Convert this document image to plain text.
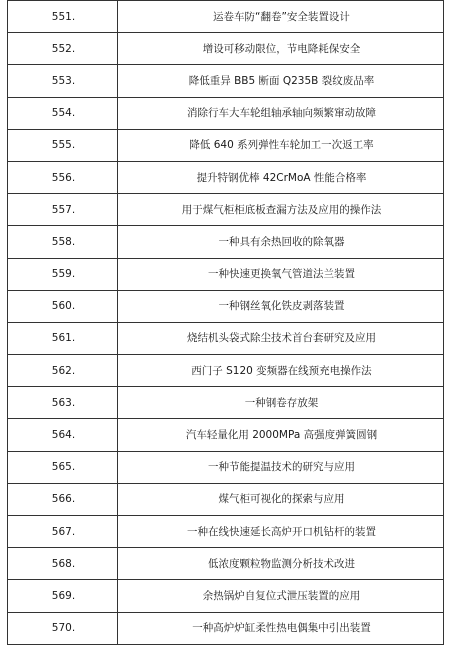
551.	运卷车防“翻卷”安全装置设计
552.	增设可移动限位，节电降耗保安全
553.	降低重异 BB5 断面 Q235B 裂纹废品率
554.	消除行车大车轮组轴承轴向频繁窜动故障
555.	降低 640 系列弹性车轮加工一次返工率
556.	提升特钢优棒 42CrMoA 性能合格率
557.	用于煤气柜柜底板查漏方法及应用的操作法
558.	一种具有余热回收的除氧器
559.	一种快速更换氧气管道法兰装置
560.	一种钢丝氧化铁皮剥落装置
561.	烧结机头袋式除尘技术首台套研究及应用
562.	西门子 S120 变频器在线预充电操作法
563.	一种钢卷存放架
564.	汽车轻量化用 2000MPa 高强度弹簧圆钢
565.	一种节能提温技术的研究与应用
566.	煤气柜可视化的探索与应用
567.	一种在线快速延长高炉开口机钻杆的装置
568.	低浓度颗粒物监测分析技术改进
569.	余热锅炉自复位式泄压装置的应用
570.	一种高炉炉缸柔性热电偶集中引出装置
